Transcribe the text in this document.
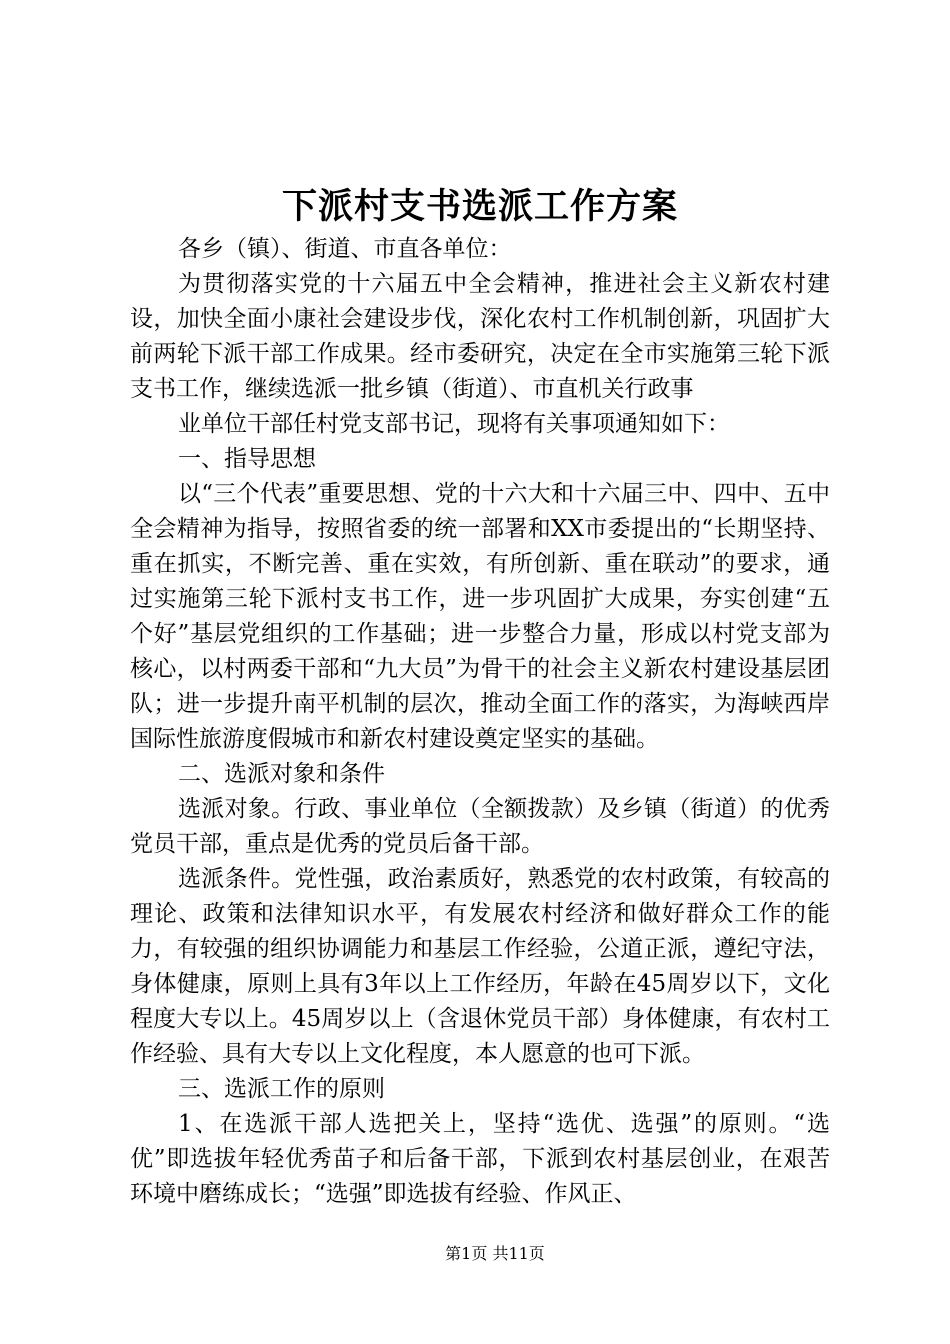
下派村支书选派工作方案

各乡（镇）、街道、市直各单位：

为贯彻落实党的十六届五中全会精神，推进社会主义新农村建设，加快全面小康社会建设步伐，深化农村工作机制创新，巩固扩大前两轮下派干部工作成果。经市委研究，决定在全市实施第三轮下派支书工作，继续选派一批乡镇（街道）、市直机关行政事

业单位干部任村党支部书记，现将有关事项通知如下：

一、指导思想

以“三个代表”重要思想、党的十六大和十六届三中、四中、五中全会精神为指导，按照省委的统一部署和XX市委提出的“长期坚持、重在抓实，不断完善、重在实效，有所创新、重在联动”的要求，通过实施第三轮下派村支书工作，进一步巩固扩大成果，夯实创建“五个好”基层党组织的工作基础；进一步整合力量，形成以村党支部为核心，以村两委干部和“九大员”为骨干的社会主义新农村建设基层团队；进一步提升南平机制的层次，推动全面工作的落实，为海峡西岸国际性旅游度假城市和新农村建设奠定坚实的基础。

二、选派对象和条件

选派对象。行政、事业单位（全额拨款）及乡镇（街道）的优秀党员干部，重点是优秀的党员后备干部。

选派条件。党性强，政治素质好，熟悉党的农村政策，有较高的理论、政策和法律知识水平，有发展农村经济和做好群众工作的能力，有较强的组织协调能力和基层工作经验，公道正派，遵纪守法，身体健康，原则上具有3年以上工作经历，年龄在45周岁以下，文化程度大专以上。45周岁以上（含退休党员干部）身体健康，有农村工作经验、具有大专以上文化程度，本人愿意的也可下派。

三、选派工作的原则

1、在选派干部人选把关上，坚持“选优、选强”的原则。“选优”即选拔年轻优秀苗子和后备干部，下派到农村基层创业，在艰苦环境中磨练成长；“选强”即选拔有经验、作风正、

第1页 共11页
